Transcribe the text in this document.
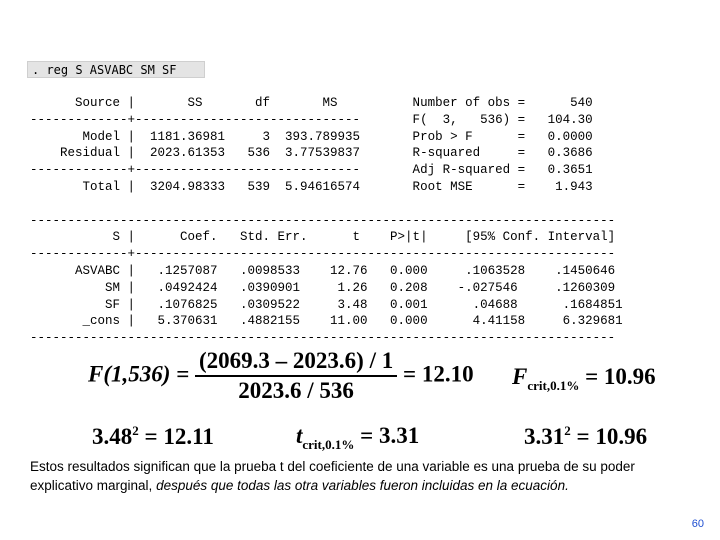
. reg S ASVABC SM SF
Source |       SS       df       MS          Number of obs =      540
-------------+------------------------------       F(  3,   536) =   104.30
Model |  1181.36981     3  393.789935       Prob > F      =   0.0000
Residual |  2023.61353   536  3.77539837       R-squared     =   0.3686
-------------+------------------------------       Adj R-squared =   0.3651
Total |  3204.98333   539  5.94616574       Root MSE      =    1.943

------------------------------------------------------------------------------
S |      Coef.   Std. Err.      t    P>|t|     [95% Conf. Interval]
-------------+----------------------------------------------------------------
ASVABC |   .1257087   .0098533    12.76   0.000     .1063528    .1450646
SM |   .0492424   .0390901     1.26   0.208    -.027546     .1260309
SF |   .1076825   .0309522     3.48   0.001      .04688      .1684851
_cons |   5.370631   .4882155    11.00   0.000      4.41158     6.329681
------------------------------------------------------------------------------
$F(1,536) = \frac{(2069.3 - 2023.6) / 1}{2023.6 / 536} = 12.10$ $F_{crit,0.1\%} = 10.96$
$3.48^2 = 12.11$	$t_{crit,0.1\%} = 3.31$	$3.31^2 = 10.96$
Estos resultados significan que la prueba t del coeficiente de una variable es una prueba de su poder explicativo marginal, después que todas las otra variables fueron incluidas en la ecuación.
60
